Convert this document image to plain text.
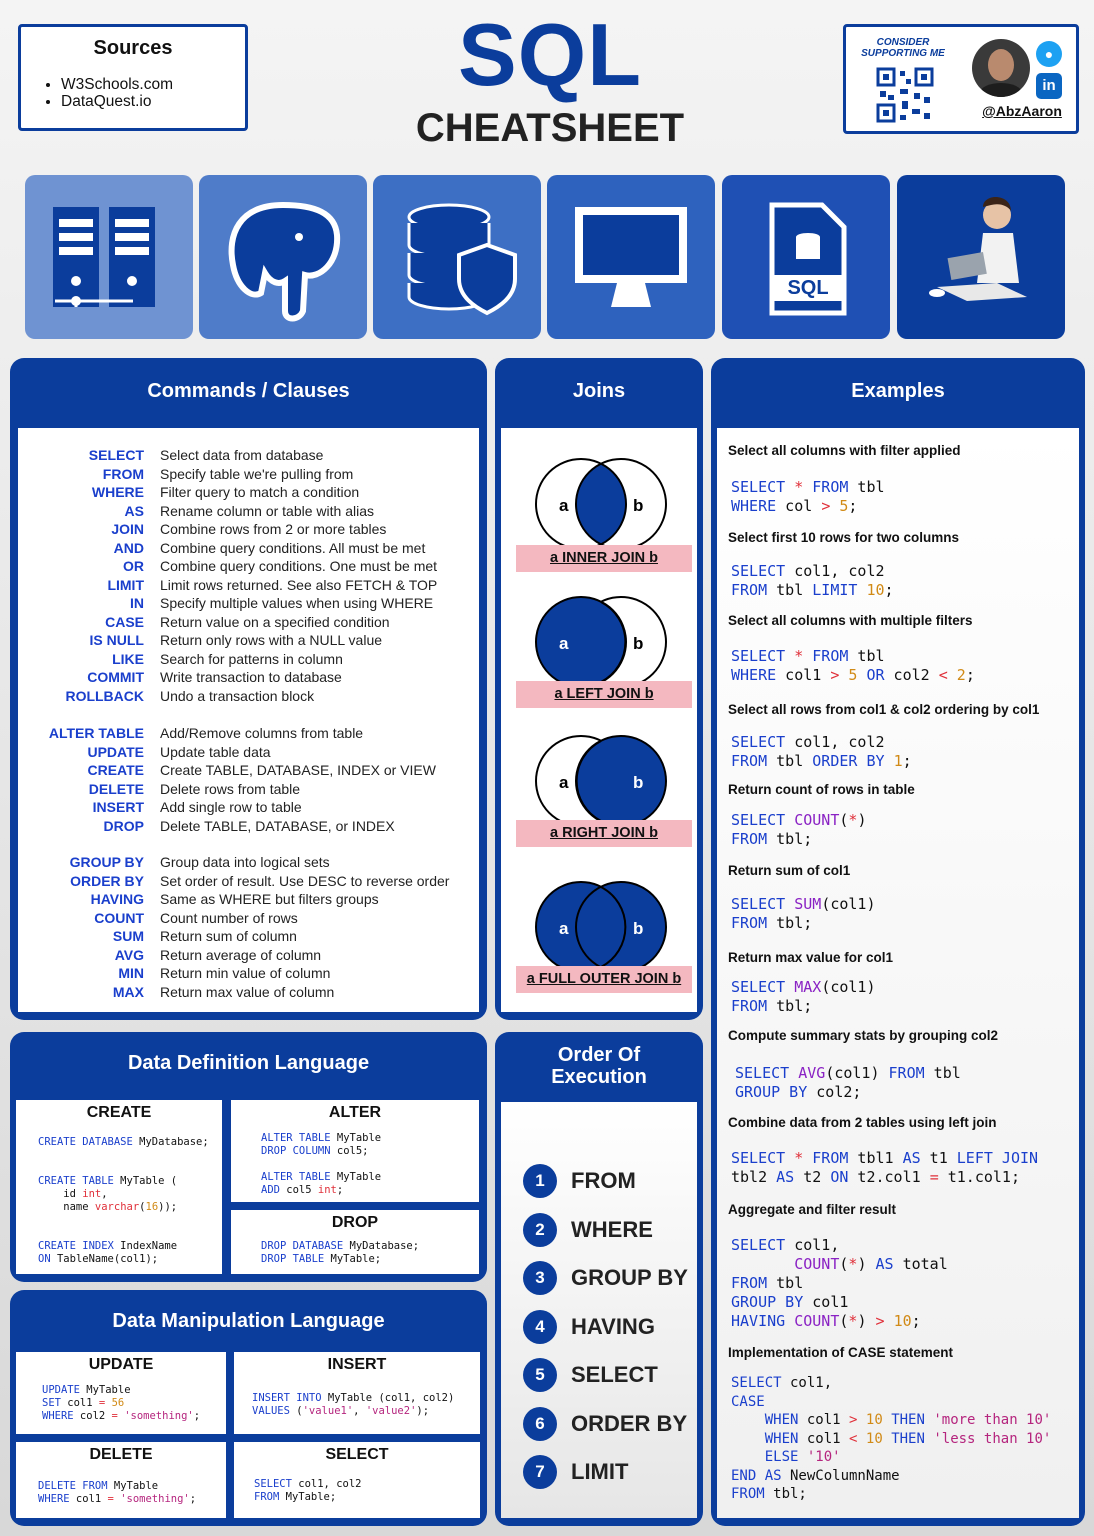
Sources
• W3Schools.com
• DataQuest.io	SQL
CHEATSHEET
CONSIDER SUPPORTING ME	●
in
@AbzAaron
SQL
Commands / Clauses
SELECT Select data from database
FROM Specify table we're pulling from
WHERE Filter query to match a condition
AS Rename column or table with alias
JOIN Combine rows from 2 or more tables
AND Combine query conditions. All must be met
OR Combine query conditions. One must be met
LIMIT Limit rows returned. See also FETCH & TOP
IN Specify multiple values when using WHERE
CASE Return value on a specified condition
IS NULL Return only rows with a NULL value
LIKE Search for patterns in column
COMMIT Write transaction to database
ROLLBACK Undo a transaction block
ALTER TABLE Add/Remove columns from table
UPDATE Update table data
CREATE Create TABLE, DATABASE, INDEX or VIEW
DELETE Delete rows from table
INSERT Add single row to table
DROP Delete TABLE, DATABASE, or INDEX
GROUP BY Group data into logical sets
ORDER BY Set order of result. Use DESC to reverse order
HAVING Same as WHERE but filters groups
COUNT Count number of rows
SUM Return sum of column
AVG Return average of column
MIN Return min value of column
MAX Return max value of column
Joins
a	b
a INNER JOIN b
a	b
a LEFT JOIN b
a	b
a RIGHT JOIN b
a	b
a FULL OUTER JOIN b
Examples
Select all columns with filter applied
SELECT * FROM tbl
WHERE col > 5;
Select first 10 rows for two columns
SELECT col1, col2
FROM tbl LIMIT 10;
Select all columns with multiple filters
SELECT * FROM tbl
WHERE col1 > 5 OR col2 < 2;
Select all rows from col1 & col2 ordering by col1
SELECT col1, col2
FROM tbl ORDER BY 1;
Return count of rows in table
SELECT COUNT(*)
FROM tbl;
Return sum of col1
SELECT SUM(col1)
FROM tbl;
Return max value for col1
SELECT MAX(col1)
FROM tbl;
Compute summary stats by grouping col2
SELECT AVG(col1) FROM tbl
GROUP BY col2;
Combine data from 2 tables using left join
SELECT * FROM tbl1 AS t1 LEFT JOIN
tbl2 AS t2 ON t2.col1 = t1.col1;
Aggregate and filter result
SELECT col1,
COUNT(*) AS total
FROM tbl
GROUP BY col1
HAVING COUNT(*) > 10;
Implementation of CASE statement
SELECT col1,
CASE
WHEN col1 > 10 THEN 'more than 10'
WHEN col1 < 10 THEN 'less than 10'
ELSE '10'
END AS NewColumnName
FROM tbl;
Data Definition Language
CREATE
CREATE DATABASE MyDatabase;

CREATE TABLE MyTable (
id int,
name varchar(16));

CREATE INDEX IndexName
ON TableName(col1);
ALTER
ALTER TABLE MyTable
DROP COLUMN col5;

ALTER TABLE MyTable
ADD col5 int;
DROP
DROP DATABASE MyDatabase;
DROP TABLE MyTable;
Data Manipulation Language
UPDATE
UPDATE MyTable
SET col1 = 56
WHERE col2 = 'something';
INSERT
INSERT INTO MyTable (col1, col2)
VALUES ('value1', 'value2');
DELETE
DELETE FROM MyTable
WHERE col1 = 'something';
SELECT
SELECT col1, col2
FROM MyTable;
Order Of Execution
1	FROM
2	WHERE
3	GROUP BY
4	HAVING
5	SELECT
6	ORDER BY
7	LIMIT
